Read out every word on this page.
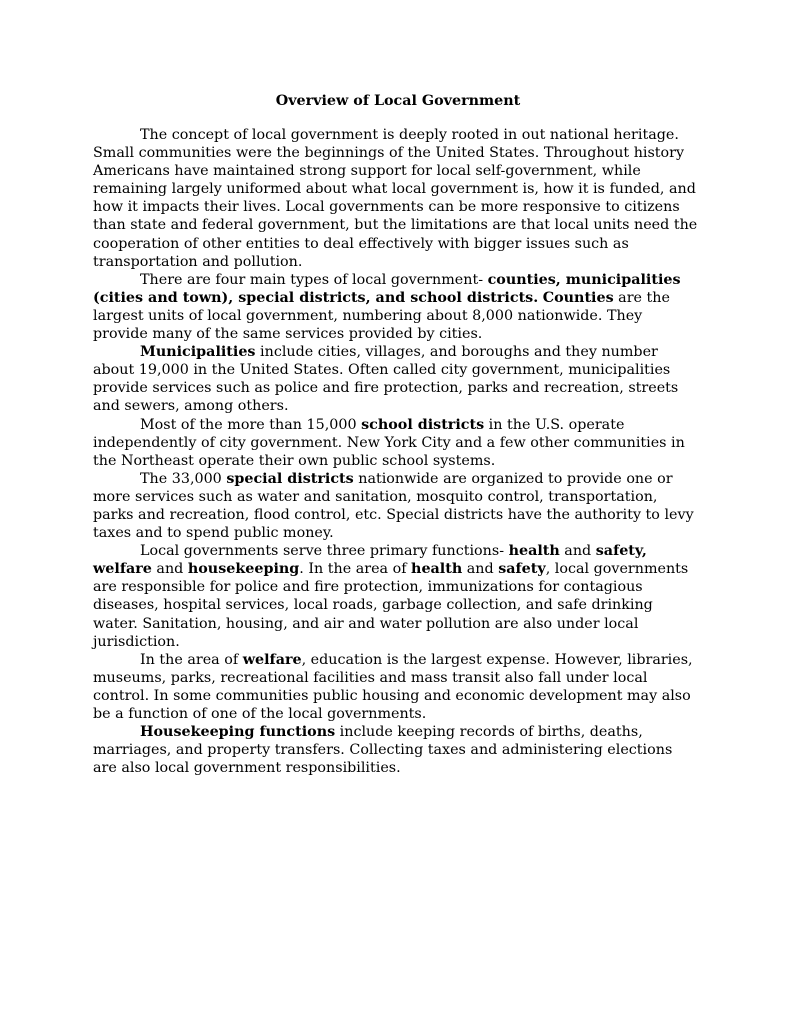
Overview of Local Government

The concept of local government is deeply rooted in out national heritage. Small communities were the beginnings of the United States. Throughout history Americans have maintained strong support for local self-government, while remaining largely uniformed about what local government is, how it is funded, and how it impacts their lives. Local governments can be more responsive to citizens than state and federal government, but the limitations are that local units need the cooperation of other entities to deal effectively with bigger issues such as transportation and pollution.

There are four main types of local government- counties, municipalities (cities and town), special districts, and school districts. Counties are the largest units of local government, numbering about 8,000 nationwide. They provide many of the same services provided by cities.

Municipalities include cities, villages, and boroughs and they number about 19,000 in the United States. Often called city government, municipalities provide services such as police and fire protection, parks and recreation, streets and sewers, among others.

Most of the more than 15,000 school districts in the U.S. operate independently of city government. New York City and a few other communities in the Northeast operate their own public school systems.

The 33,000 special districts nationwide are organized to provide one or more services such as water and sanitation, mosquito control, transportation, parks and recreation, flood control, etc. Special districts have the authority to levy taxes and to spend public money.

Local governments serve three primary functions- health and safety, welfare and housekeeping. In the area of health and safety, local governments are responsible for police and fire protection, immunizations for contagious diseases, hospital services, local roads, garbage collection, and safe drinking water. Sanitation, housing, and air and water pollution are also under local jurisdiction.

In the area of welfare, education is the largest expense. However, libraries, museums, parks, recreational facilities and mass transit also fall under local control. In some communities public housing and economic development may also be a function of one of the local governments.

Housekeeping functions include keeping records of births, deaths, marriages, and property transfers. Collecting taxes and administering elections are also local government responsibilities.
